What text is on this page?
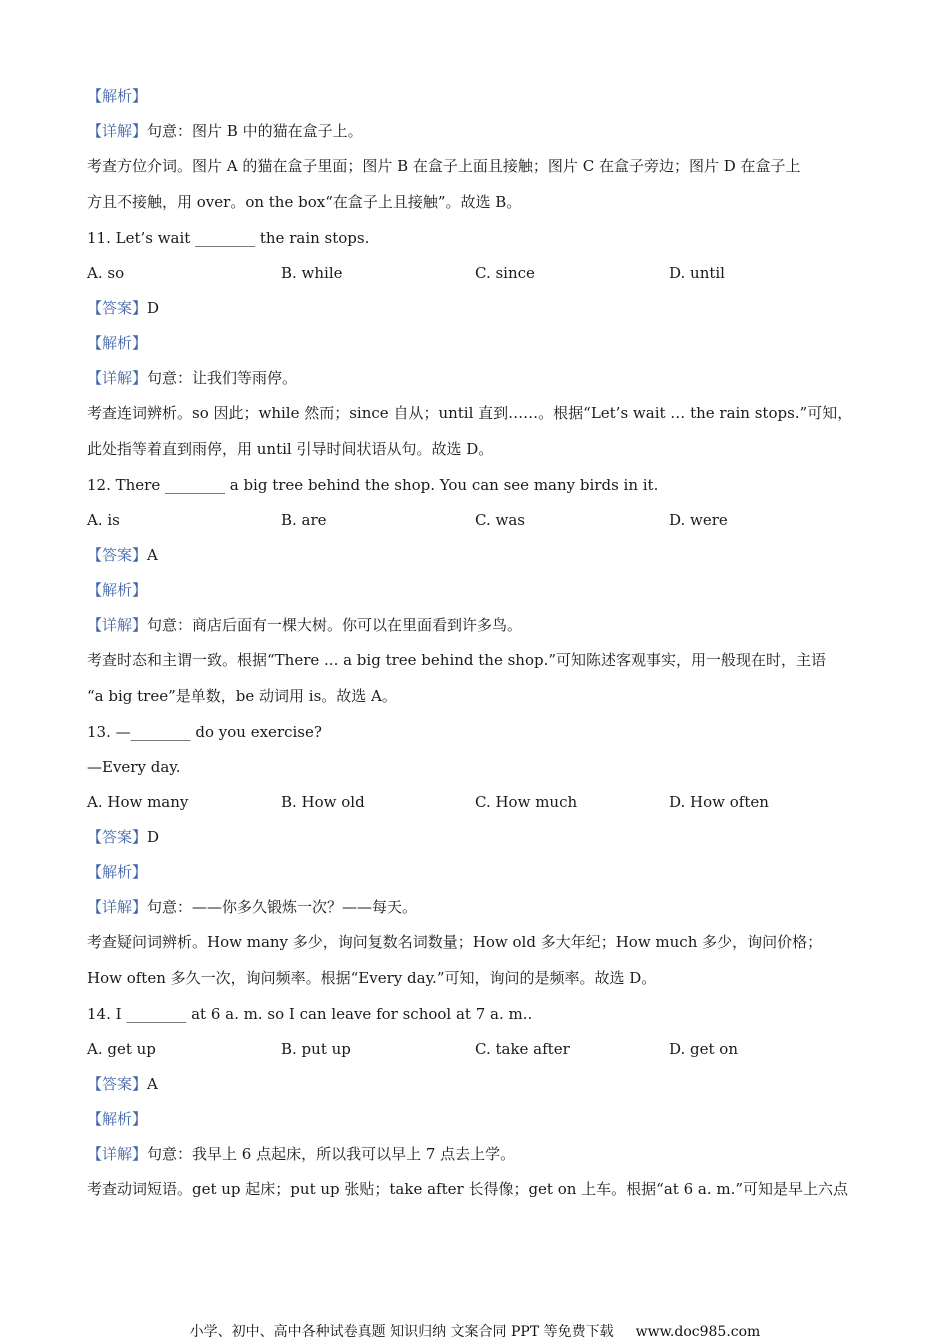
【解析】

【详解】句意：图片 B 中的猫在盒子上。

考查方位介词。图片 A 的猫在盒子里面；图片 B 在盒子上面且接触；图片 C 在盒子旁边；图片 D 在盒子上

方且不接触，用 over。on the box“在盒子上且接触”。故选 B。

11. Let’s wait ________ the rain stops.

A. so	B. while	C. since	D. until

【答案】D

【解析】

【详解】句意：让我们等雨停。

考查连词辨析。so 因此；while 然而；since 自从；until 直到……。根据“Let’s wait … the rain stops.”可知，

此处指等着直到雨停，用 until 引导时间状语从句。故选 D。

12. There ________ a big tree behind the shop. You can see many birds in it.

A. is	B. are	C. was	D. were

【答案】A

【解析】

【详解】句意：商店后面有一棵大树。你可以在里面看到许多鸟。

考查时态和主谓一致。根据“There ... a big tree behind the shop.”可知陈述客观事实，用一般现在时，主语

“a big tree”是单数，be 动词用 is。故选 A。

13. —________ do you exercise?

—Every day.

A. How many	B. How old	C. How much	D. How often

【答案】D

【解析】

【详解】句意：——你多久锻炼一次？——每天。

考查疑问词辨析。How many 多少，询问复数名词数量；How old 多大年纪；How much 多少，询问价格；

How often 多久一次，询问频率。根据“Every day.”可知，询问的是频率。故选 D。

14. I ________ at 6 a. m. so I can leave for school at 7 a. m..

A. get up	B. put up	C. take after	D. get on

【答案】A

【解析】

【详解】句意：我早上 6 点起床，所以我可以早上 7 点去上学。

考查动词短语。get up 起床；put up 张贴；take after 长得像；get on 上车。根据“at 6 a. m.”可知是早上六点

小学、初中、高中各种试卷真题 知识归纳 文案合同 PPT 等免费下载 www.doc985.com
